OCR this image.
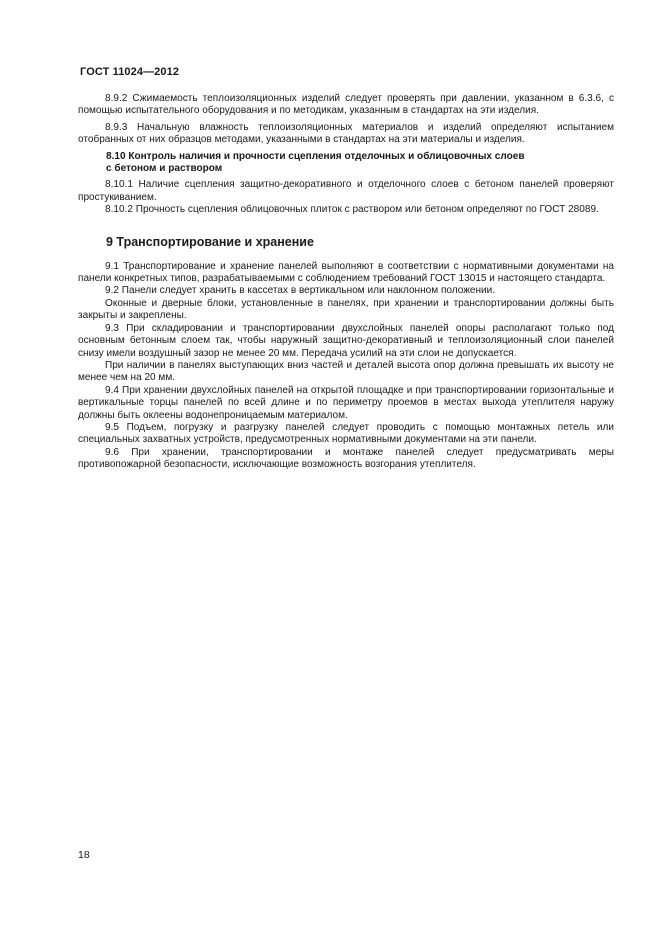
ГОСТ 11024—2012

8.9.2 Сжимаемость теплоизоляционных изделий следует проверять при давлении, указанном в 6.3.6, с помощью испытательного оборудования и по методикам, указанным в стандартах на эти изделия.

8.9.3 Начальную влажность теплоизоляционных материалов и изделий определяют испытанием отобранных от них образцов методами, указанными в стандартах на эти материалы и изделия.

8.10 Контроль наличия и прочности сцепления отделочных и облицовочных слоев
с бетоном и раствором

8.10.1 Наличие сцепления защитно-декоративного и отделочного слоев с бетоном панелей проверяют простукиванием.

8.10.2 Прочность сцепления облицовочных плиток с раствором или бетоном определяют по ГОСТ 28089.

9 Транспортирование и хранение

9.1 Транспортирование и хранение панелей выполняют в соответствии с нормативными документами на панели конкретных типов, разрабатываемыми с соблюдением требований ГОСТ 13015 и настоящего стандарта.

9.2 Панели следует хранить в кассетах в вертикальном или наклонном положении.

Оконные и дверные блоки, установленные в панелях, при хранении и транспортировании должны быть закрыты и закреплены.

9.3 При складировании и транспортировании двухслойных панелей опоры располагают только под основным бетонным слоем так, чтобы наружный защитно-декоративный и теплоизоляционный слои панелей снизу имели воздушный зазор не менее 20 мм. Передача усилий на эти слои не допускается.

При наличии в панелях выступающих вниз частей и деталей высота опор должна превышать их высоту не менее чем на 20 мм.

9.4 При хранении двухслойных панелей на открытой площадке и при транспортировании горизонтальные и вертикальные торцы панелей по всей длине и по периметру проемов в местах выхода утеплителя наружу должны быть оклеены водонепроницаемым материалом.

9.5 Подъем, погрузку и разгрузку панелей следует проводить с помощью монтажных петель или специальных захватных устройств, предусмотренных нормативными документами на эти панели.

9.6 При хранении, транспортировании и монтаже панелей следует предусматривать меры противопожарной безопасности, исключающие возможность возгорания утеплителя.

18
